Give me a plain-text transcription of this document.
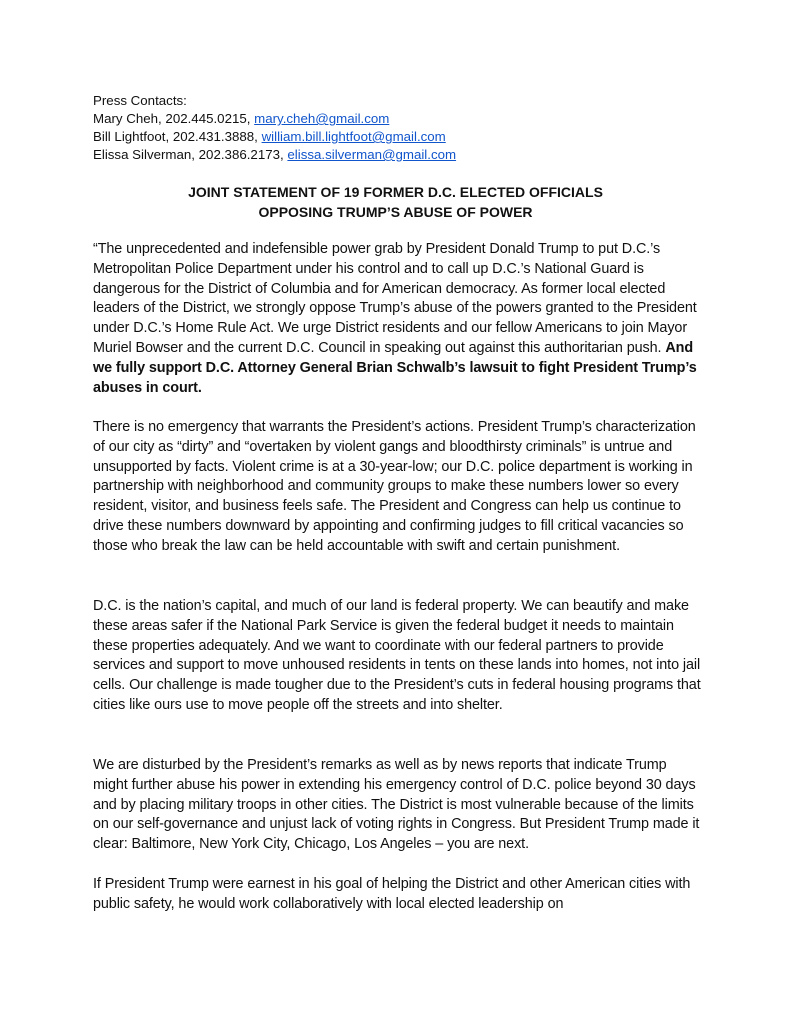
Press Contacts:
Mary Cheh, 202.445.0215, mary.cheh@gmail.com
Bill Lightfoot, 202.431.3888, william.bill.lightfoot@gmail.com
Elissa Silverman, 202.386.2173, elissa.silverman@gmail.com
JOINT STATEMENT OF 19 FORMER D.C. ELECTED OFFICIALS
OPPOSING TRUMP’S ABUSE OF POWER

“The unprecedented and indefensible power grab by President Donald Trump to put D.C.’s Metropolitan Police Department under his control and to call up D.C.’s National Guard is dangerous for the District of Columbia and for American democracy. As former local elected leaders of the District, we strongly oppose Trump’s abuse of the powers granted to the President under D.C.’s Home Rule Act. We urge District residents and our fellow Americans to join Mayor Muriel Bowser and the current D.C. Council in speaking out against this authoritarian push. And we fully support D.C. Attorney General Brian Schwalb’s lawsuit to fight President Trump’s abuses in court.

There is no emergency that warrants the President’s actions. President Trump’s characterization of our city as “dirty” and “overtaken by violent gangs and bloodthirsty criminals” is untrue and unsupported by facts. Violent crime is at a 30-year-low; our D.C. police department is working in partnership with neighborhood and community groups to make these numbers lower so every resident, visitor, and business feels safe. The President and Congress can help us continue to drive these numbers downward by appointing and confirming judges to fill critical vacancies so those who break the law can be held accountable with swift and certain punishment.

D.C. is the nation’s capital, and much of our land is federal property. We can beautify and make these areas safer if the National Park Service is given the federal budget it needs to maintain these properties adequately. And we want to coordinate with our federal partners to provide services and support to move unhoused residents in tents on these lands into homes, not into jail cells. Our challenge is made tougher due to the President’s cuts in federal housing programs that cities like ours use to move people off the streets and into shelter.

We are disturbed by the President’s remarks as well as by news reports that indicate Trump might further abuse his power in extending his emergency control of D.C. police beyond 30 days and by placing military troops in other cities. The District is most vulnerable because of the limits on our self-governance and unjust lack of voting rights in Congress. But President Trump made it clear: Baltimore, New York City, Chicago, Los Angeles – you are next.

If President Trump were earnest in his goal of helping the District and other American cities with public safety, he would work collaboratively with local elected leadership on
